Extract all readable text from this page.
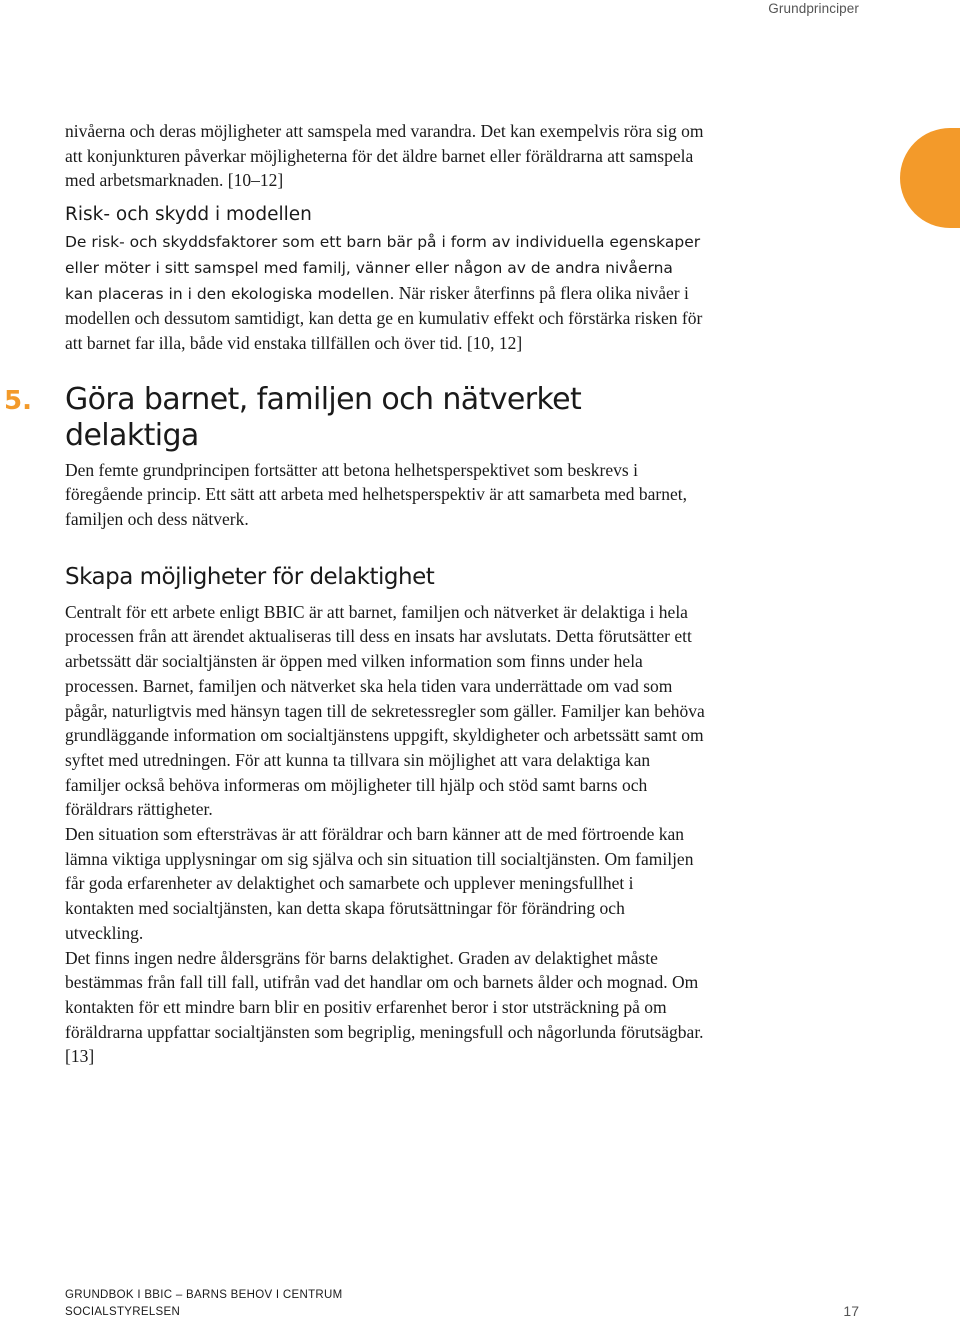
Grundprinciper

nivåerna och deras möjligheter att samspela med varandra. Det kan exempelvis röra sig om att konjunkturen påverkar möjligheterna för det äldre barnet eller föräldrarna att samspela med arbetsmarknaden. [10–12]

Risk- och skydd i modellen

De risk- och skyddsfaktorer som ett barn bär på i form av individuella egenskaper eller möter i sitt samspel med familj, vänner eller någon av de andra nivåerna kan placeras in i den ekologiska modellen. När risker återfinns på flera olika nivåer i modellen och dessutom samtidigt, kan detta ge en kumulativ effekt och förstärka risken för att barnet far illa, både vid enstaka tillfällen och över tid. [10, 12]

5. Göra barnet, familjen och nätverket delaktiga

Den femte grundprincipen fortsätter att betona helhetsperspektivet som beskrevs i föregående princip. Ett sätt att arbeta med helhetsperspektiv är att samarbeta med barnet, familjen och dess nätverk.

Skapa möjligheter för delaktighet

Centralt för ett arbete enligt BBIC är att barnet, familjen och nätverket är delaktiga i hela processen från att ärendet aktualiseras till dess en insats har avslutats. Detta förutsätter ett arbetssätt där socialtjänsten är öppen med vilken information som finns under hela processen. Barnet, familjen och nätverket ska hela tiden vara underrättade om vad som pågår, naturligtvis med hänsyn tagen till de sekretessregler som gäller. Familjer kan behöva grundläggande information om socialtjänstens uppgift, skyldigheter och arbetssätt samt om syftet med utredningen. För att kunna ta tillvara sin möjlighet att vara delaktiga kan familjer också behöva informeras om möjligheter till hjälp och stöd samt barns och föräldrars rättigheter.

Den situation som eftersträvas är att föräldrar och barn känner att de med förtroende kan lämna viktiga upplysningar om sig själva och sin situation till socialtjänsten. Om familjen får goda erfarenheter av delaktighet och samarbete och upplever meningsfullhet i kontakten med socialtjänsten, kan detta skapa förutsättningar för förändring och utveckling.

Det finns ingen nedre åldersgräns för barns delaktighet. Graden av delaktighet måste bestämmas från fall till fall, utifrån vad det handlar om och barnets ålder och mognad. Om kontakten för ett mindre barn blir en positiv erfarenhet beror i stor utsträckning på om föräldrarna uppfattar socialtjänsten som begriplig, meningsfull och någorlunda förutsägbar. [13]

GRUNDBOK I BBIC – BARNS BEHOV I CENTRUM
SOCIALSTYRELSEN	17
